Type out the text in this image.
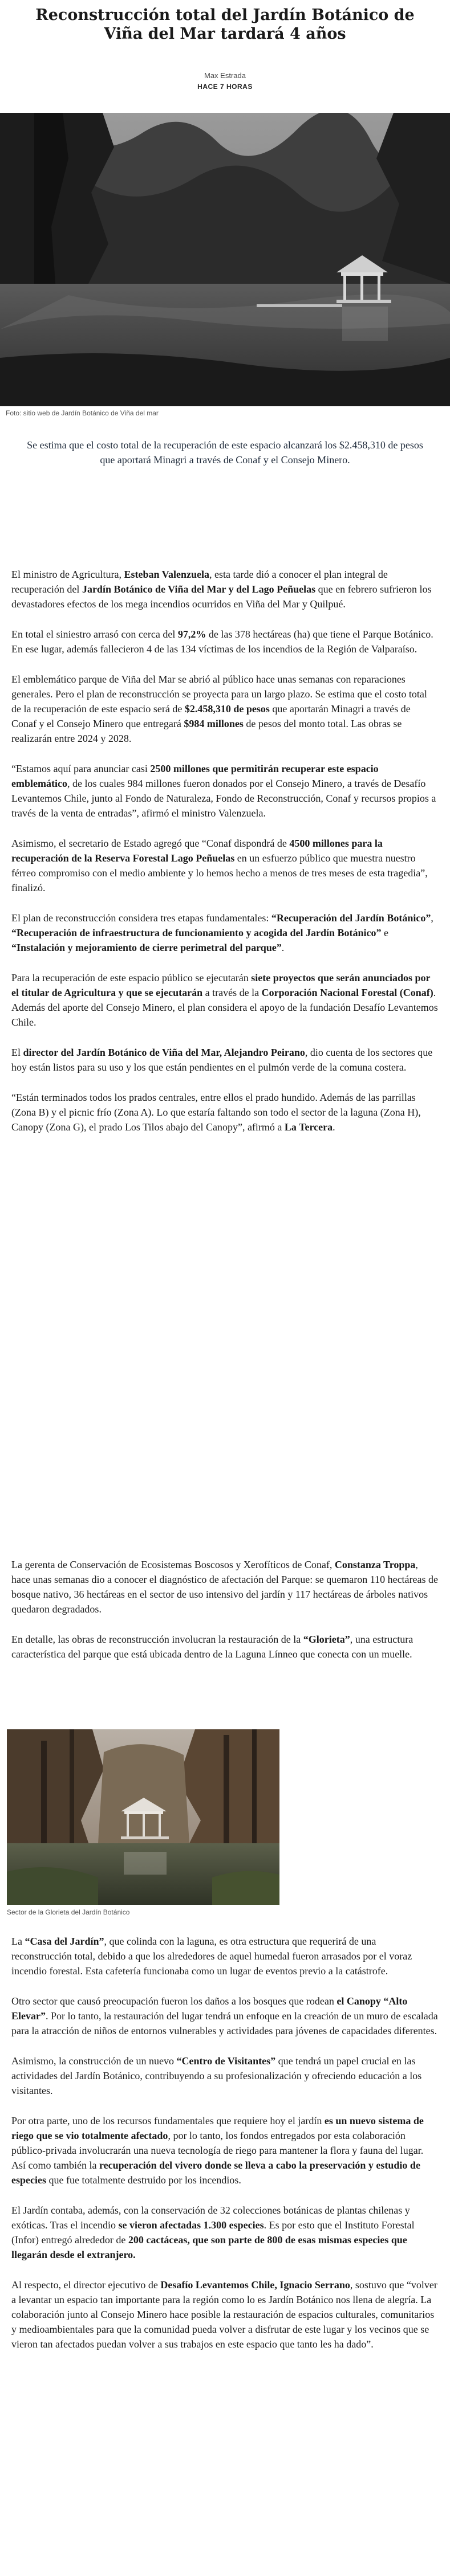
Reconstrucción total del Jardín Botánico de Viña del Mar tardará 4 años
Max Estrada
HACE 7 HORAS
Foto: sitio web de Jardín Botánico de Viña del mar

Se estima que el costo total de la recuperación de este espacio alcanzará los $2.458,310 de pesos que aportará Minagri a través de Conaf y el Consejo Minero.

El ministro de Agricultura, Esteban Valenzuela, esta tarde dió a conocer el plan integral de recuperación del Jardín Botánico de Viña del Mar y del Lago Peñuelas que en febrero sufrieron los devastadores efectos de los mega incendios ocurridos en Viña del Mar y Quilpué.

En total el siniestro arrasó con cerca del 97,2% de las 378 hectáreas (ha) que tiene el Parque Botánico. En ese lugar, además fallecieron 4 de las 134 víctimas de los incendios de la Región de Valparaíso.

El emblemático parque de Viña del Mar se abrió al público hace unas semanas con reparaciones generales. Pero el plan de reconstrucción se proyecta para un largo plazo. Se estima que el costo total de la recuperación de este espacio será de $2.458,310 de pesos que aportarán Minagri a través de Conaf y el Consejo Minero que entregará $984 millones de pesos del monto total. Las obras se realizarán entre 2024 y 2028.

“Estamos aquí para anunciar casi 2500 millones que permitirán recuperar este espacio emblemático, de los cuales 984 millones fueron donados por el Consejo Minero, a través de Desafío Levantemos Chile, junto al Fondo de Naturaleza, Fondo de Reconstrucción, Conaf y recursos propios a través de la venta de entradas”, afirmó el ministro Valenzuela.

Asimismo, el secretario de Estado agregó que “Conaf dispondrá de 4500 millones para la recuperación de la Reserva Forestal Lago Peñuelas en un esfuerzo público que muestra nuestro férreo compromiso con el medio ambiente y lo hemos hecho a menos de tres meses de esta tragedia”, finalizó.

El plan de reconstrucción considera tres etapas fundamentales: “Recuperación del Jardín Botánico”, “Recuperación de infraestructura de funcionamiento y acogida del Jardín Botánico” e “Instalación y mejoramiento de cierre perimetral del parque”.

Para la recuperación de este espacio público se ejecutarán siete proyectos que serán anunciados por el titular de Agricultura y que se ejecutarán a través de la Corporación Nacional Forestal (Conaf). Además del aporte del Consejo Minero, el plan considera el apoyo de la fundación Desafío Levantemos Chile.

El director del Jardín Botánico de Viña del Mar, Alejandro Peirano, dio cuenta de los sectores que hoy están listos para su uso y los que están pendientes en el pulmón verde de la comuna costera.

“Están terminados todos los prados centrales, entre ellos el prado hundido. Además de las parrillas (Zona B) y el picnic frío (Zona A). Lo que estaría faltando son todo el sector de la laguna (Zona H), Canopy (Zona G), el prado Los Tilos abajo del Canopy”, afirmó a La Tercera.

La gerenta de Conservación de Ecosistemas Boscosos y Xerofíticos de Conaf, Constanza Troppa, hace unas semanas dio a conocer el diagnóstico de afectación del Parque: se quemaron 110 hectáreas de bosque nativo, 36 hectáreas en el sector de uso intensivo del jardín y 117 hectáreas de árboles nativos quedaron degradados.

En detalle, las obras de reconstrucción involucran la restauración de la “Glorieta”, una estructura característica del parque que está ubicada dentro de la Laguna Línneo que conecta con un muelle.

Sector de la Glorieta del Jardín Botánico

La “Casa del Jardín”, que colinda con la laguna, es otra estructura que requerirá de una reconstrucción total, debido a que los alrededores de aquel humedal fueron arrasados por el voraz incendio forestal. Esta cafetería funcionaba como un lugar de eventos previo a la catástrofe.

Otro sector que causó preocupación fueron los daños a los bosques que rodean el Canopy “Alto Elevar”. Por lo tanto, la restauración del lugar tendrá un enfoque en la creación de un muro de escalada para la atracción de niños de entornos vulnerables y actividades para jóvenes de capacidades diferentes.

Asimismo, la construcción de un nuevo “Centro de Visitantes” que tendrá un papel crucial en las actividades del Jardín Botánico, contribuyendo a su profesionalización y ofreciendo educación a los visitantes.

Por otra parte, uno de los recursos fundamentales que requiere hoy el jardín es un nuevo sistema de riego que se vio totalmente afectado, por lo tanto, los fondos entregados por esta colaboración público-privada involucrarán una nueva tecnología de riego para mantener la flora y fauna del lugar. Así como también la recuperación del vivero donde se lleva a cabo la preservación y estudio de especies que fue totalmente destruido por los incendios.

El Jardín contaba, además, con la conservación de 32 colecciones botánicas de plantas chilenas y exóticas. Tras el incendio se vieron afectadas 1.300 especies. Es por esto que el Instituto Forestal (Infor) entregó alrededor de 200 cactáceas, que son parte de 800 de esas mismas especies que llegarán desde el extranjero.

Al respecto, el director ejecutivo de Desafío Levantemos Chile, Ignacio Serrano, sostuvo que “volver a levantar un espacio tan importante para la región como lo es Jardín Botánico nos llena de alegría. La colaboración junto al Consejo Minero hace posible la restauración de espacios culturales, comunitarios y medioambientales para que la comunidad pueda volver a disfrutar de este lugar y los vecinos que se vieron tan afectados puedan volver a sus trabajos en este espacio que tanto les ha dado”.
